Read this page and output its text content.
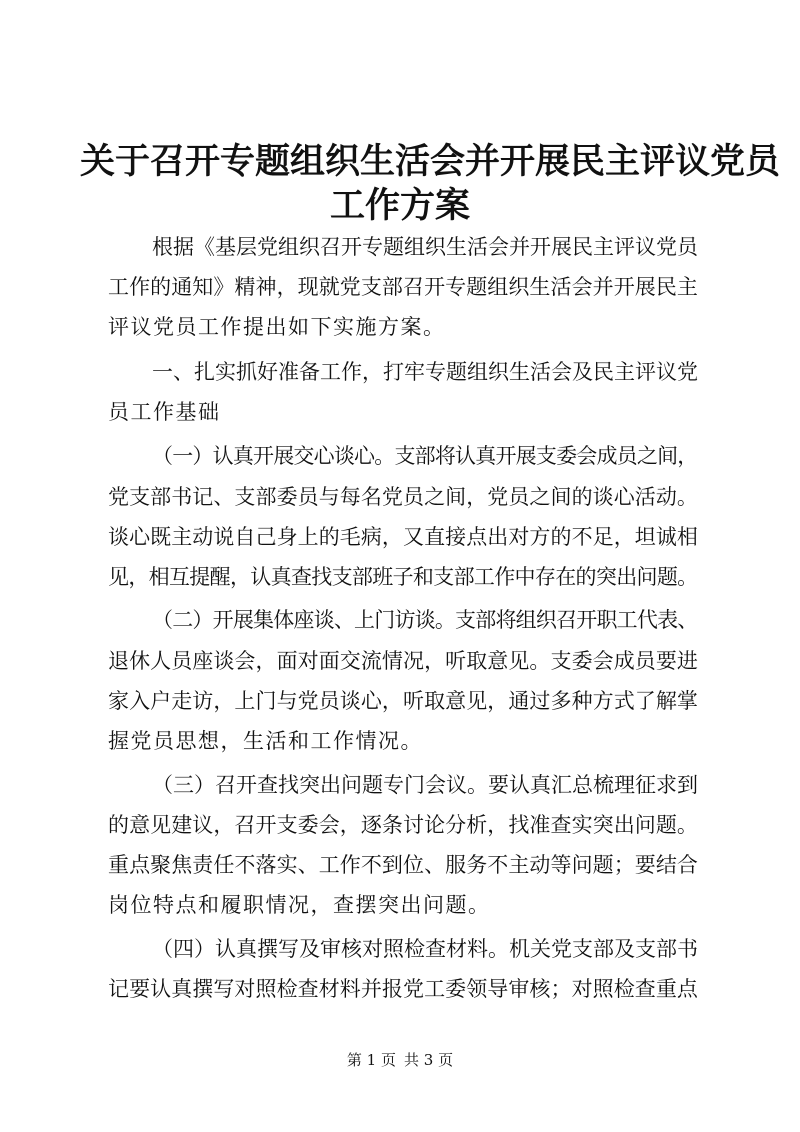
关于召开专题组织生活会并开展民主评议党员
工作方案
根据《基层党组织召开专题组织生活会并开展民主评议党员
工作的通知》精神，现就党支部召开专题组织生活会并开展民主
评议党员工作提出如下实施方案。
一、扎实抓好准备工作，打牢专题组织生活会及民主评议党
员工作基础
（一）认真开展交心谈心。支部将认真开展支委会成员之间，
党支部书记、支部委员与每名党员之间，党员之间的谈心活动。
谈心既主动说自己身上的毛病，又直接点出对方的不足，坦诚相
见，相互提醒，认真查找支部班子和支部工作中存在的突出问题。
（二）开展集体座谈、上门访谈。支部将组织召开职工代表、
退休人员座谈会，面对面交流情况，听取意见。支委会成员要进
家入户走访，上门与党员谈心，听取意见，通过多种方式了解掌
握党员思想，生活和工作情况。
（三）召开查找突出问题专门会议。要认真汇总梳理征求到
的意见建议，召开支委会，逐条讨论分析，找准查实突出问题。
重点聚焦责任不落实、工作不到位、服务不主动等问题；要结合
岗位特点和履职情况，查摆突出问题。
（四）认真撰写及审核对照检查材料。机关党支部及支部书
记要认真撰写对照检查材料并报党工委领导审核；对照检查重点
第 1 页 共 3 页
